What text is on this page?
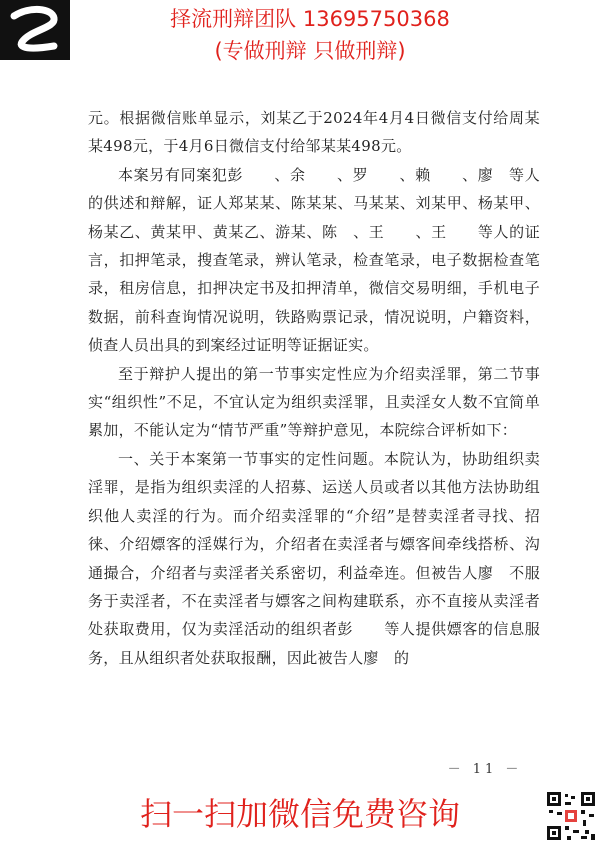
择流刑辩团队 13695750368
(专做刑辩 只做刑辩)

元。根据微信账单显示，刘某乙于2024年4月4日微信支付给周某某498元，于4月6日微信支付给邹某某498元。

本案另有同案犯彭　　、余　　、罗　　、赖　　、廖　等人的供述和辩解，证人郑某某、陈某某、马某某、刘某甲、杨某甲、杨某乙、黄某甲、黄某乙、游某、陈　、王　　、王　　等人的证言，扣押笔录，搜查笔录，辨认笔录，检查笔录，电子数据检查笔录，租房信息，扣押决定书及扣押清单，微信交易明细，手机电子数据，前科查询情况说明，铁路购票记录，情况说明，户籍资料，侦查人员出具的到案经过证明等证据证实。

至于辩护人提出的第一节事实定性应为介绍卖淫罪，第二节事实“组织性”不足，不宜认定为组织卖淫罪，且卖淫女人数不宜简单累加，不能认定为“情节严重”等辩护意见，本院综合评析如下：

一、关于本案第一节事实的定性问题。本院认为，协助组织卖淫罪，是指为组织卖淫的人招募、运送人员或者以其他方法协助组织他人卖淫的行为。而介绍卖淫罪的“介绍”是替卖淫者寻找、招徕、介绍嫖客的淫媒行为，介绍者在卖淫者与嫖客间牵线搭桥、沟通撮合，介绍者与卖淫者关系密切，利益牵连。但被告人廖　不服务于卖淫者，不在卖淫者与嫖客之间构建联系，亦不直接从卖淫者处获取费用，仅为卖淫活动的组织者彭　　等人提供嫖客的信息服务，且从组织者处获取报酬，因此被告人廖　的

－ 11 －
扫一扫加微信免费咨询
